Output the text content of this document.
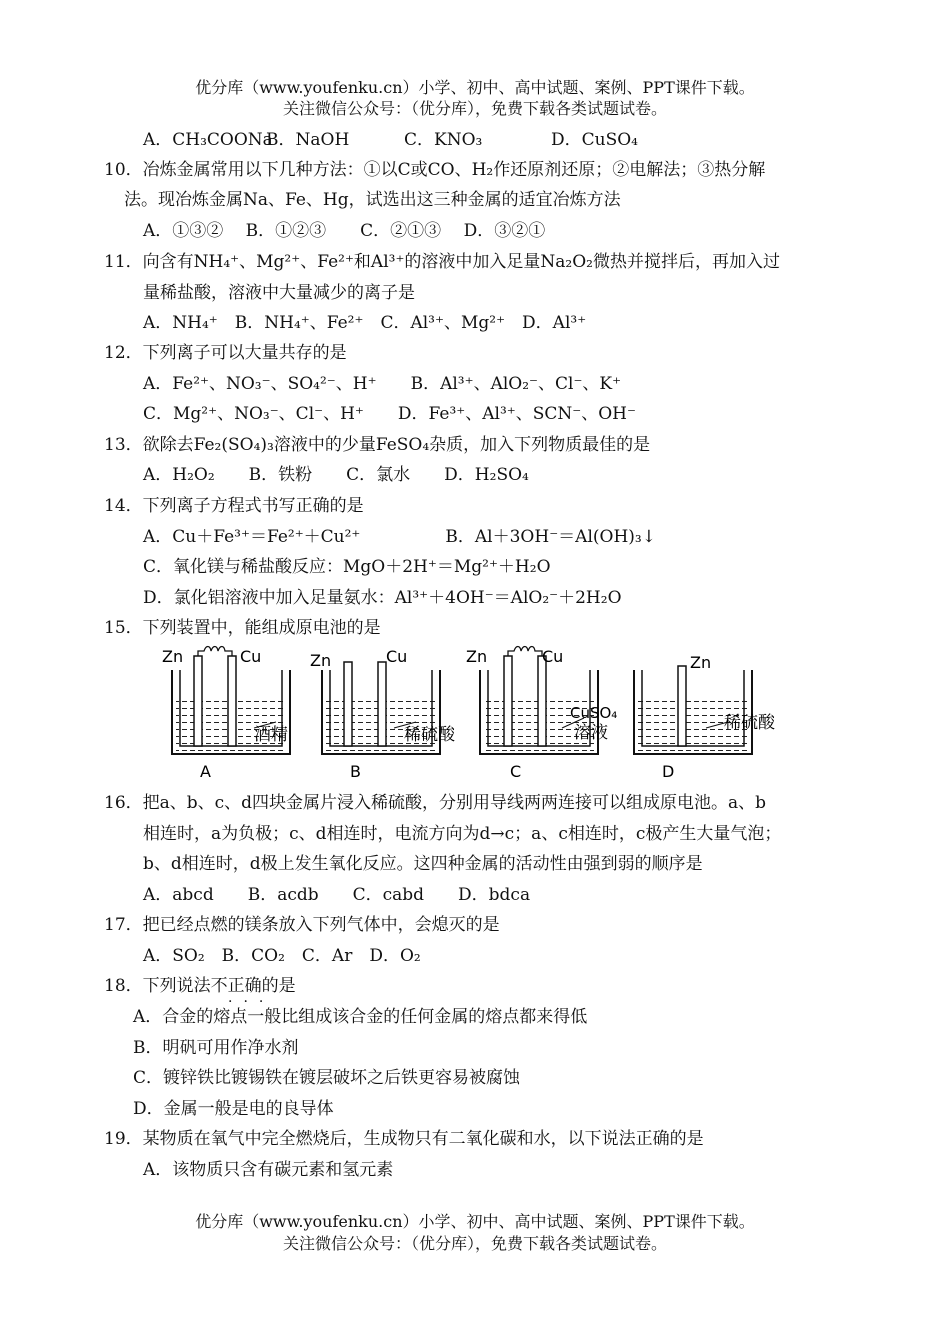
优分库（www.youfenku.cn）小学、初中、高中试题、案例、PPT课件下载。
关注微信公众号：（优分库），免费下载各类试题试卷。
A．CH₃COONaB．NaOH	C．KNO₃	D．CuSO₄
10．冶炼金属常用以下几种方法：①以C或CO、H₂作还原剂还原；②电解法；③热分解
法。现冶炼金属Na、Fe、Hg，试选出这三种金属的适宜冶炼方法
A．①③②　 B．①②③　　C．②①③　 D．③②①
11．向含有NH₄⁺、Mg²⁺、Fe²⁺和Al³⁺的溶液中加入足量Na₂O₂微热并搅拌后，再加入过
量稀盐酸，溶液中大量减少的离子是
A．NH₄⁺　B．NH₄⁺、Fe²⁺　C．Al³⁺、Mg²⁺　D．Al³⁺
12．下列离子可以大量共存的是
A．Fe²⁺、NO₃⁻、SO₄²⁻、H⁺　　B．Al³⁺、AlO₂⁻、Cl⁻、K⁺
C．Mg²⁺、NO₃⁻、Cl⁻、H⁺　　D．Fe³⁺、Al³⁺、SCN⁻、OH⁻
13．欲除去Fe₂(SO₄)₃溶液中的少量FeSO₄杂质，加入下列物质最佳的是
A．H₂O₂　　B．铁粉　　C．氯水　　D．H₂SO₄
14．下列离子方程式书写正确的是
A．Cu＋Fe³⁺＝Fe²⁺＋Cu²⁺　　　　　B．Al＋3OH⁻＝Al(OH)₃↓
C．氧化镁与稀盐酸反应：MgO＋2H⁺＝Mg²⁺＋H₂O
D．氯化铝溶液中加入足量氨水：Al³⁺＋4OH⁻＝AlO₂⁻＋2H₂O
15．下列装置中，能组成原电池的是
Zn	Cu
酒精
A
Zn	Cu
稀硫酸
B
Zn	Cu
CuSO₄
溶液
C
Zn
稀硫酸
D
16．把a、b、c、d四块金属片浸入稀硫酸，分别用导线两两连接可以组成原电池。a、b
相连时，a为负极；c、d相连时，电流方向为d→c；a、c相连时，c极产生大量气泡；
b、d相连时，d极上发生氧化反应。这四种金属的活动性由强到弱的顺序是
A．abcd　　B．acdb　　C．cabd　　D．bdca
17．把已经点燃的镁条放入下列气体中，会熄灭的是
A．SO₂　B．CO₂　C．Ar　D．O₂
18．下列说法不正确的是
···
A．合金的熔点一般比组成该合金的任何金属的熔点都来得低
B．明矾可用作净水剂
C．镀锌铁比镀锡铁在镀层破坏之后铁更容易被腐蚀
D．金属一般是电的良导体
19．某物质在氧气中完全燃烧后，生成物只有二氧化碳和水，以下说法正确的是
A．该物质只含有碳元素和氢元素
优分库（www.youfenku.cn）小学、初中、高中试题、案例、PPT课件下载。
关注微信公众号：（优分库），免费下载各类试题试卷。
